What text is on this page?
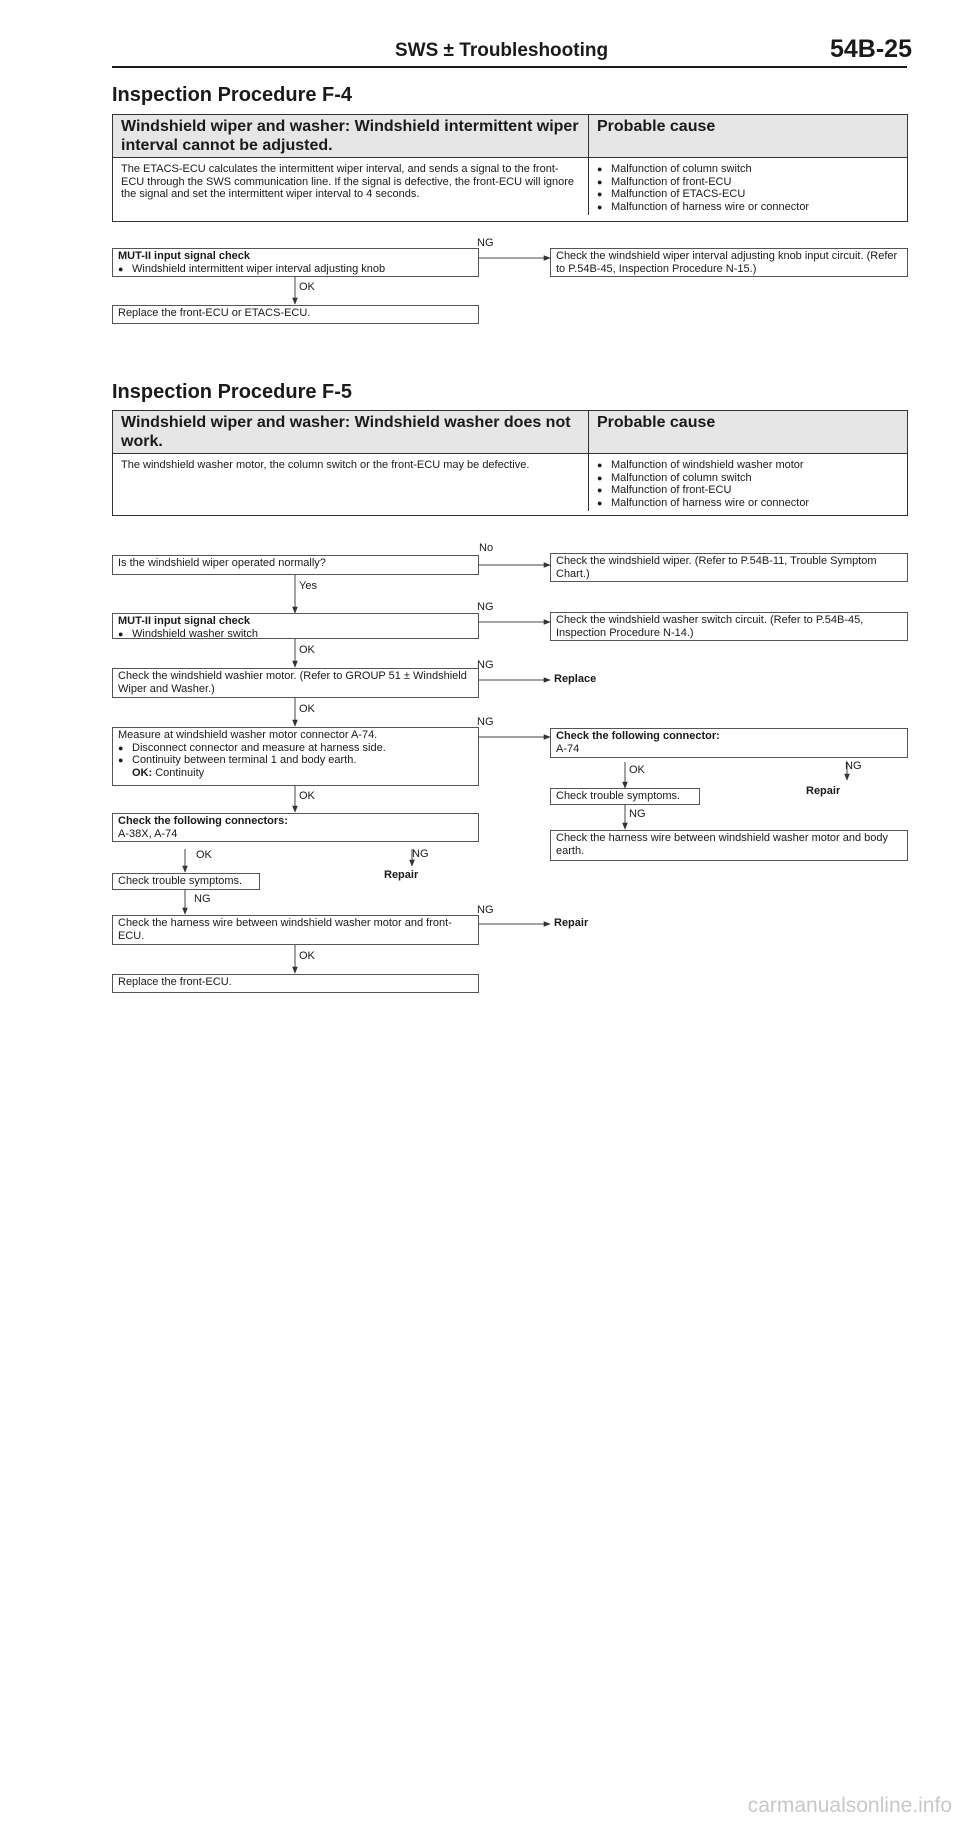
SWS ± Troubleshooting	54B-25
Inspection Procedure F-4
Windshield wiper and washer: Windshield intermittent wiper interval cannot be adjusted.
Probable cause
The ETACS-ECU calculates the intermittent wiper interval, and sends a signal to the front-ECU through the SWS communication line. If the signal is defective, the front-ECU will ignore the signal and set the intermittent wiper interval to 4 seconds.
● Malfunction of column switch
● Malfunction of front-ECU
● Malfunction of ETACS-ECU
● Malfunction of harness wire or connector
MUT-II input signal check
● Windshield intermittent wiper interval adjusting knob
NG
Check the windshield wiper interval adjusting knob input circuit. (Refer to P.54B-45, Inspection Procedure N-15.)
OK
Replace the front-ECU or ETACS-ECU.
Inspection Procedure F-5
Windshield wiper and washer: Windshield washer does not work.
Probable cause
The windshield washer motor, the column switch or the front-ECU may be defective.
●	Malfunction of windshield washer motor
● Malfunction of column switch
● Malfunction of front-ECU
● Malfunction of harness wire or connector
Is the windshield wiper operated normally?
No
Check the windshield wiper. (Refer to P.54B-11, Trouble Symptom Chart.)
Yes
MUT-II input signal check
● Windshield washer switch
NG
Check the windshield washer switch circuit. (Refer to P.54B-45, Inspection Procedure N-14.)
OK
Check the windshield washier motor. (Refer to GROUP 51 ± Windshield Wiper and Washer.)
NG
Replace
OK
Measure at windshield washer motor connector A-74.
● Disconnect connector and measure at harness side.
● Continuity between terminal 1 and body earth.
OK: Continuity
NG
Check the following connector:
A-74
OK	NG
Repair
Check trouble symptoms.
NG
Check the harness wire between windshield washer motor and body earth.
OK
Check the following connectors:
A-38X, A-74
OK	NG
Repair
Check trouble symptoms.
NG
Check the harness wire between windshield washer motor and front-ECU.
NG
Repair
OK
Replace the front-ECU.
carmanualsonline.info
